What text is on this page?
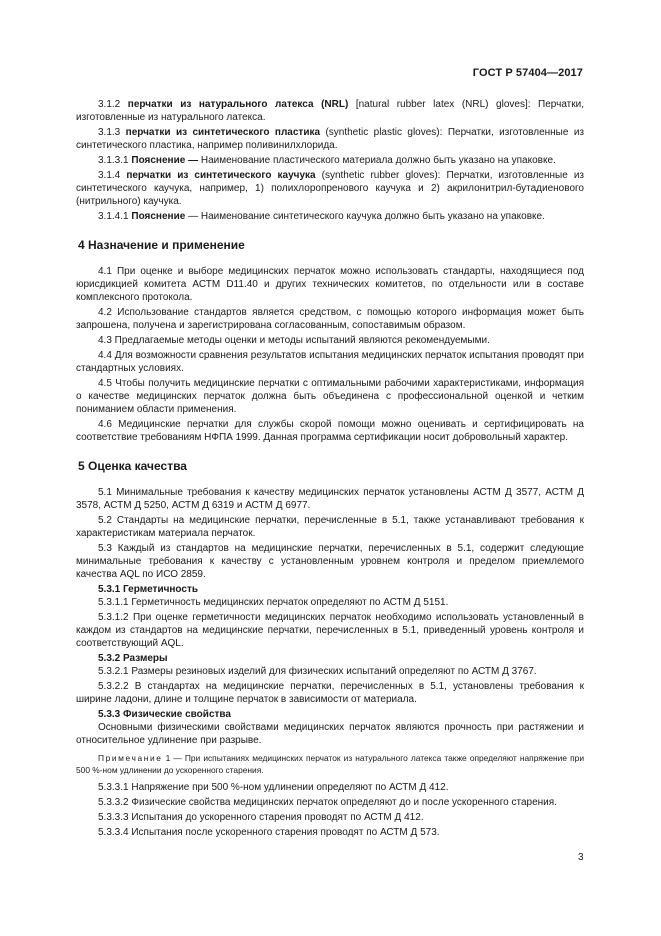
ГОСТ Р 57404—2017

3.1.2 перчатки из натурального латекса (NRL) [natural rubber latex (NRL) gloves]: Перчатки, изготовленные из натурального латекса.

3.1.3 перчатки из синтетического пластика (synthetic plastic gloves): Перчатки, изготовленные из синтетического пластика, например поливинилхлорида.

3.1.3.1 Пояснение — Наименование пластического материала должно быть указано на упаковке.

3.1.4 перчатки из синтетического каучука (synthetic rubber gloves): Перчатки, изготовленные из синтетического каучука, например, 1) полихлоропренового каучука и 2) акрилонитрил-бутадиенового (нитрильного) каучука.

3.1.4.1 Пояснение — Наименование синтетического каучука должно быть указано на упаковке.

4 Назначение и применение

4.1 При оценке и выборе медицинских перчаток можно использовать стандарты, находящиеся под юрисдикцией комитета АСТМ D11.40 и других технических комитетов, по отдельности или в составе комплексного протокола.

4.2 Использование стандартов является средством, с помощью которого информация может быть запрошена, получена и зарегистрирована согласованным, сопоставимым образом.

4.3 Предлагаемые методы оценки и методы испытаний являются рекомендуемыми.

4.4 Для возможности сравнения результатов испытания медицинских перчаток испытания проводят при стандартных условиях.

4.5 Чтобы получить медицинские перчатки с оптимальными рабочими характеристиками, информация о качестве медицинских перчаток должна быть объединена с профессиональной оценкой и четким пониманием области применения.

4.6 Медицинские перчатки для службы скорой помощи можно оценивать и сертифицировать на соответствие требованиям НФПА 1999. Данная программа сертификации носит добровольный характер.

5 Оценка качества

5.1 Минимальные требования к качеству медицинских перчаток установлены АСТМ Д 3577, АСТМ Д 3578, АСТМ Д 5250, АСТМ Д 6319 и АСТМ Д 6977.

5.2 Стандарты на медицинские перчатки, перечисленные в 5.1, также устанавливают требования к характеристикам материала перчаток.

5.3 Каждый из стандартов на медицинские перчатки, перечисленных в 5.1, содержит следующие минимальные требования к качеству с установленным уровнем контроля и пределом приемлемого качества AQL по ИСО 2859.

5.3.1 Герметичность

5.3.1.1 Герметичность медицинских перчаток определяют по АСТМ Д 5151.

5.3.1.2 При оценке герметичности медицинских перчаток необходимо использовать установленный в каждом из стандартов на медицинские перчатки, перечисленных в 5.1, приведенный уровень контроля и соответствующий AQL.

5.3.2 Размеры

5.3.2.1 Размеры резиновых изделий для физических испытаний определяют по АСТМ Д 3767.

5.3.2.2 В стандартах на медицинские перчатки, перечисленных в 5.1, установлены требования к ширине ладони, длине и толщине перчаток в зависимости от материала.

5.3.3 Физические свойства

Основными физическими свойствами медицинских перчаток являются прочность при растяжении и относительное удлинение при разрыве.

Примечание 1 — При испытаниях медицинских перчаток из натурального латекса также определяют напряжение при 500 %-ном удлинении до ускоренного старения.

5.3.3.1 Напряжение при 500 %-ном удлинении определяют по АСТМ Д 412.

5.3.3.2 Физические свойства медицинских перчаток определяют до и после ускоренного старения.

5.3.3.3 Испытания до ускоренного старения проводят по АСТМ Д 412.

5.3.3.4 Испытания после ускоренного старения проводят по АСТМ Д 573.

3
